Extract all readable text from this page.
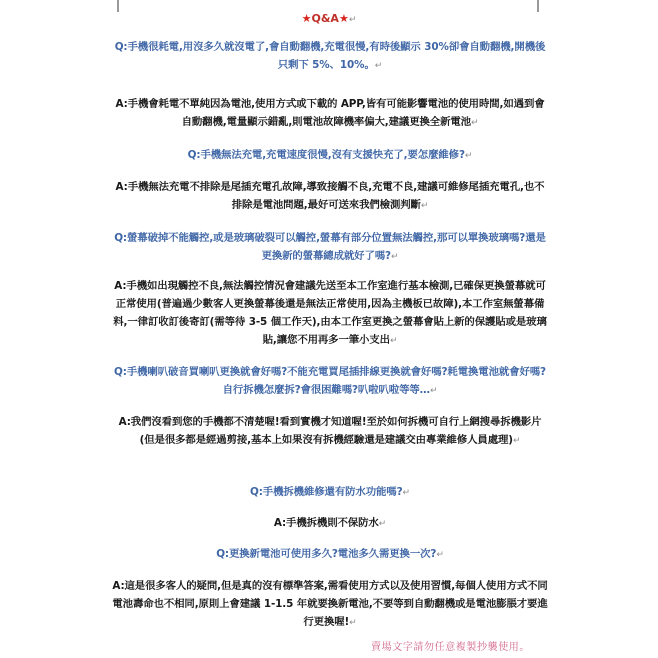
★Q&A★↵
Q:手機很耗電,用沒多久就沒電了,會自動翻機,充電很慢,有時後顯示 30%卻會自動翻機,開機後只剩下 5%、10%。↵
A:手機會耗電不單純因為電池,使用方式或下載的 APP,皆有可能影響電池的使用時間,如遇到會自動翻機,電量顯示錯亂,則電池故障機率偏大,建議更換全新電池↵
Q:手機無法充電,充電速度很慢,沒有支援快充了,要怎麼維修?↵
A:手機無法充電不排除是尾插充電孔故障,導致接觸不良,充電不良,建議可維修尾插充電孔,也不排除是電池問題,最好可送來我們檢測判斷↵
Q:螢幕破掉不能觸控,或是玻璃破裂可以觸控,螢幕有部分位置無法觸控,那可以單換玻璃嗎?還是更換新的螢幕總成就好了嗎?↵
A:手機如出現觸控不良,無法觸控情況會建議先送至本工作室進行基本檢測,已確保更換螢幕就可正常使用(普遍過少數客人更換螢幕後還是無法正常使用,因為主機板已故障),本工作室無螢幕備料,一律訂收訂後寄訂(需等待 3-5 個工作天),由本工作室更換之螢幕會貼上新的保護貼或是玻璃貼,讓您不用再多一筆小支出↵
Q:手機喇叭破音買喇叭更換就會好嗎?不能充電買尾插排線更換就會好嗎?耗電換電池就會好嗎?自行拆機怎麼拆?會很困難嗎?叭啦叭啦等等…↵
A:我們沒看到您的手機都不清楚喔!看到實機才知道喔!至於如何拆機可自行上網搜尋拆機影片(但是很多都是經過剪接,基本上如果沒有拆機經驗還是建議交由專業維修人員處理)↵
Q:手機拆機維修還有防水功能嗎?↵
A:手機拆機則不保防水↵
Q:更換新電池可使用多久?電池多久需更換一次?↵
A:這是很多客人的疑問,但是真的沒有標準答案,需看使用方式以及使用習慣,每個人使用方式不同電池壽命也不相同,原則上會建議 1-1.5 年就要換新電池,不要等到自動翻機或是電池膨脹才要進行更換喔!↵
賣場文字請勿任意複製抄襲使用。
